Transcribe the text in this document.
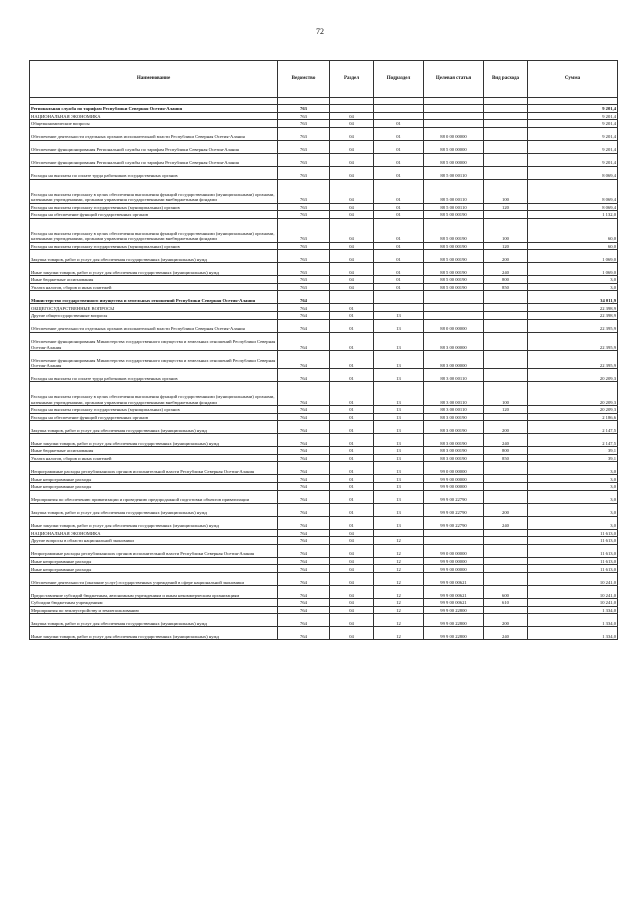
72
Наименование	Ведомство	Раздел	Подраздел	Целевая статья	Вид расхода	Сумма

Региональная служба по тарифам Республики Северная Осетия-Алания	763					9 201,4
НАЦИОНАЛЬНАЯ ЭКОНОМИКА	763	04				9 201,4
Общеэкономические вопросы	763	04	01			9 201,4
Обеспечение деятельности отдельных органов исполнительной власти Республики Северная Осетия-Алания	763	04	01	88 0 00 00000		9 201,4
Обеспечение функционирования Региональной службы по тарифам Республики Северная Осетия-Алания	763	04	01	88 5 00 00000		9 201,4
Обеспечение функционирования Региональной службы по тарифам Республики Северная Осетия-Алания	763	04	01	88 5 00 00000		9 201,4
Расходы на выплаты по оплате труда работников государственных органов	763	04	01	88 5 00 00110		8 069,4
Расходы на выплаты персоналу в целях обеспечения выполнения функций государственными (муниципальными) органами, казенными учреждениями, органами управления государственными внебюджетными фондами	763	04	01	88 5 00 00110	100	8 069,4
Расходы на выплаты персоналу государственных (муниципальных) органов	763	04	01	88 5 00 00110	120	8 069,4
Расходы на обеспечение функций государственных органов	763	04	01	88 5 00 00190		1 132,0
Расходы на выплаты персоналу в целях обеспечения выполнения функций государственными (муниципальными) органами, казенными учреждениями, органами управления государственными внебюджетными фондами	763	04	01	88 5 00 00190	100	60,0
Расходы на выплаты персоналу государственных (муниципальных) органов	763	04	01	88 5 00 00190	120	60,0
Закупка товаров, работ и услуг для обеспечения государственных (муниципальных) нужд	763	04	01	88 5 00 00190	200	1 069,0
Иные закупки товаров, работ и услуг для обеспечения государственных (муниципальных) нужд	763	04	01	88 5 00 00190	240	1 069,0
Иные бюджетные ассигнования	763	04	01	88 5 00 00190	800	3,0
Уплата налогов, сборов и иных платежей	763	04	01	88 5 00 00190	850	3,0
Министерство государственного имущества и земельных отношений Республики Северная Осетия-Алания	764					34 011,9
ОБЩЕГОСУДАРСТВЕННЫЕ ВОПРОСЫ	764	01				22 398,9
Другие общегосударственные вопросы	764	01	13			22 398,9
Обеспечение деятельности отдельных органов исполнительной власти Республики Северная Осетия-Алания	764	01	13	88 0 00 00000		22 395,9
Обеспечение функционирования Министерства государственного имущества и земельных отношений Республики Северная Осетия-Алания	764	01	13	88 3 00 00000		22 395,9
Обеспечение функционирования Министерства государственного имущества и земельных отношений Республики Северная Осетия-Алания	764	01	13	88 3 00 00000		22 395,9
Расходы на выплаты по оплате труда работников государственных органов	764	01	13	88 3 00 00110		20 209,3
Расходы на выплаты персоналу в целях обеспечения выполнения функций государственными (муниципальными) органами, казенными учреждениями, органами управления государственными внебюджетными фондами	764	01	13	88 3 00 00110	100	20 209,3
Расходы на выплаты персоналу государственных (муниципальных) органов	764	01	13	88 3 00 00110	120	20 209,3
Расходы на обеспечение функций государственных органов	764	01	13	88 3 00 00190		2 186,6
Закупка товаров, работ и услуг для обеспечения государственных (муниципальных) нужд	764	01	13	88 3 00 00190	200	2 147,5
Иные закупки товаров, работ и услуг для обеспечения государственных (муниципальных) нужд	764	01	13	88 3 00 00190	240	2 147,5
Иные бюджетные ассигнования	764	01	13	88 3 00 00190	800	39,1
Уплата налогов, сборов и иных платежей	764	01	13	88 3 00 00190	850	39,1
Непрограммные расходы республиканских органов исполнительной власти Республики Северная Осетия-Алания	764	01	13	99 0 00 00000		3,0
Иные непрограммные расходы	764	01	13	99 9 00 00000		3,0
Иные непрограммные расходы	764	01	13	99 9 00 00000		3,0
Мероприятия по обеспечению приватизации и проведению предпродажной подготовки объектов приватизации	764	01	13	99 9 00 22790		3,0
Закупка товаров, работ и услуг для обеспечения государственных (муниципальных) нужд	764	01	13	99 9 00 22790	200	3,0
Иные закупки товаров, работ и услуг для обеспечения государственных (муниципальных) нужд	764	01	13	99 9 00 22790	240	3,0
НАЦИОНАЛЬНАЯ ЭКОНОМИКА	764	04				11 613,0
Другие вопросы в области национальной экономики	764	04	12			11 613,0
Непрограммные расходы республиканских органов исполнительной власти Республики Северная Осетия-Алания	764	04	12	99 0 00 00000		11 613,0
Иные непрограммные расходы	764	04	12	99 9 00 00000		11 613,0
Иные непрограммные расходы	764	04	12	99 9 00 00000		11 613,0
Обеспечение деятельности (оказание услуг) государственных учреждений в сфере национальной экономики	764	04	12	99 9 00 00621		10 241,0
Предоставление субсидий бюджетным, автономным учреждениям и иным некоммерческим организациям	764	04	12	99 9 00 00621	600	10 241,0
Субсидии бюджетным учреждениям	764	04	12	99 9 00 00621	610	10 241,0
Мероприятия по землеустройству и землепользованию	764	04	12	99 9 00 22800		1 334,0
Закупка товаров, работ и услуг для обеспечения государственных (муниципальных) нужд	764	04	12	99 9 00 22800	200	1 334,0
Иные закупки товаров, работ и услуг для обеспечения государственных (муниципальных) нужд	764	04	12	99 9 00 22800	240	1 334,0
